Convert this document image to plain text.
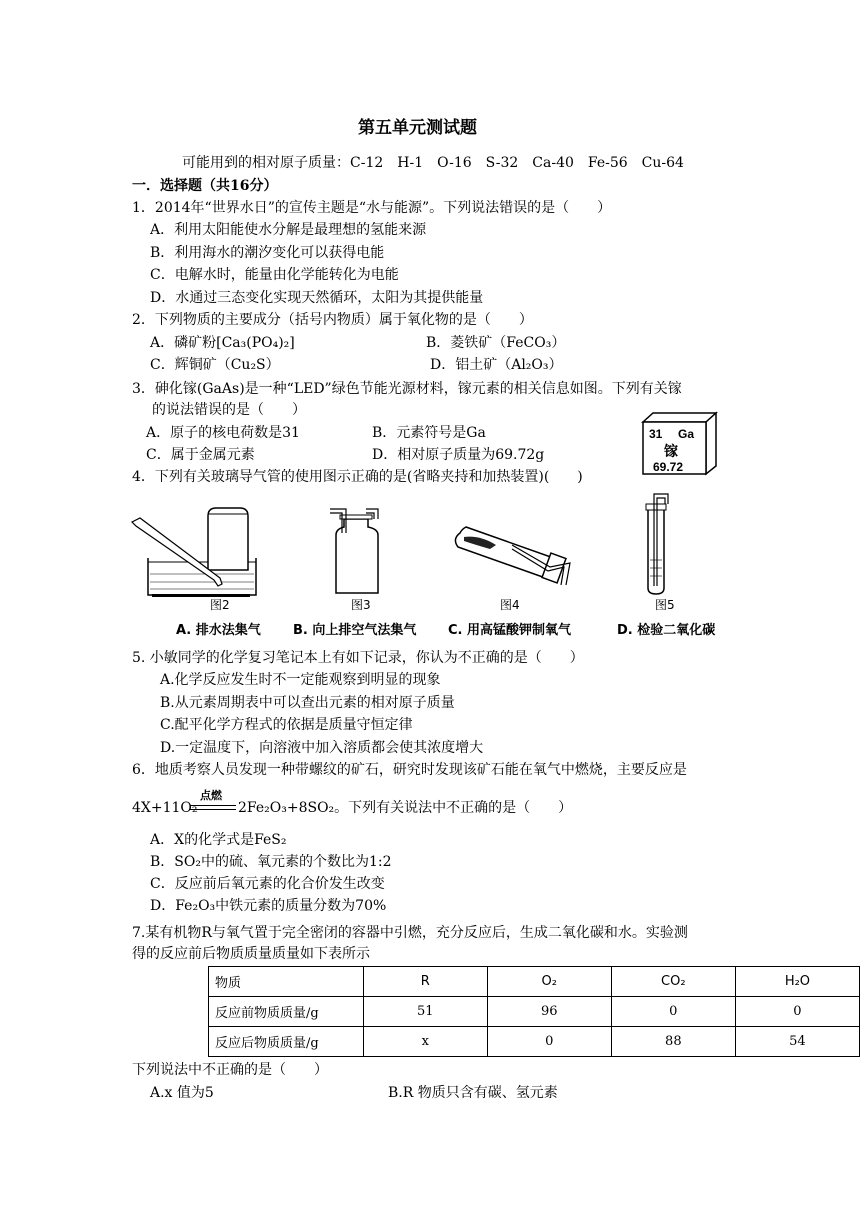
第五单元测试题
可能用到的相对原子质量：C-12　H-1　O-16　S-32　Ca-40　Fe-56　Cu-64
一．选择题（共16分）
1．2014年“世界水日”的宣传主题是“水与能源”。下列说法错误的是（　　）
A．利用太阳能使水分解是最理想的氢能来源
B．利用海水的潮汐变化可以获得电能
C．电解水时，能量由化学能转化为电能
D．水通过三态变化实现天然循环，太阳为其提供能量
2．下列物质的主要成分（括号内物质）属于氧化物的是（　　）
A．磷矿粉[Ca₃(PO₄)₂]	B．菱铁矿（FeCO₃）
C．辉铜矿（Cu₂S）	D．铝土矿（Al₂O₃）
3．砷化镓(GaAs)是一种“LED”绿色节能光源材料，镓元素的相关信息如图。下列有关镓
的说法错误的是（　　）
A．原子的核电荷数是31	B．元素符号是Ga
C．属于金属元素	D．相对原子质量为69.72g
31 Ga
镓
69.72
4．下列有关玻璃导气管的使用图示正确的是(省略夹持和加热装置)(　　)
图2	图3	图4	图5
A. 排水法集气 B. 向上排空气法集气 C. 用高锰酸钾制氧气	D. 检验二氧化碳
5. 小敏同学的化学复习笔记本上有如下记录，你认为不正确的是（　　）
A.化学反应发生时不一定能观察到明显的现象
B.从元素周期表中可以查出元素的相对原子质量
C.配平化学方程式的依据是质量守恒定律
D.一定温度下，向溶液中加入溶质都会使其浓度增大
6．地质考察人员发现一种带螺纹的矿石，研究时发现该矿石能在氧气中燃烧，主要反应是
4X+11O₂
点燃
2Fe₂O₃+8SO₂。下列有关说法中不正确的是（　　）
A．X的化学式是FeS₂
B．SO₂中的硫、氧元素的个数比为1:2
C．反应前后氧元素的化合价发生改变
D．Fe₂O₃中铁元素的质量分数为70%
7.某有机物R与氧气置于完全密闭的容器中引燃，充分反应后，生成二氧化碳和水。实验测
得的反应前后物质质量质量如下表所示
物质	R	O₂	CO₂	H₂O
反应前物质质量/g	51	96	0	0
反应后物质质量/g	x	0	88	54
下列说法中不正确的是（　　）
A.x 值为5	B.R 物质只含有碳、氢元素
